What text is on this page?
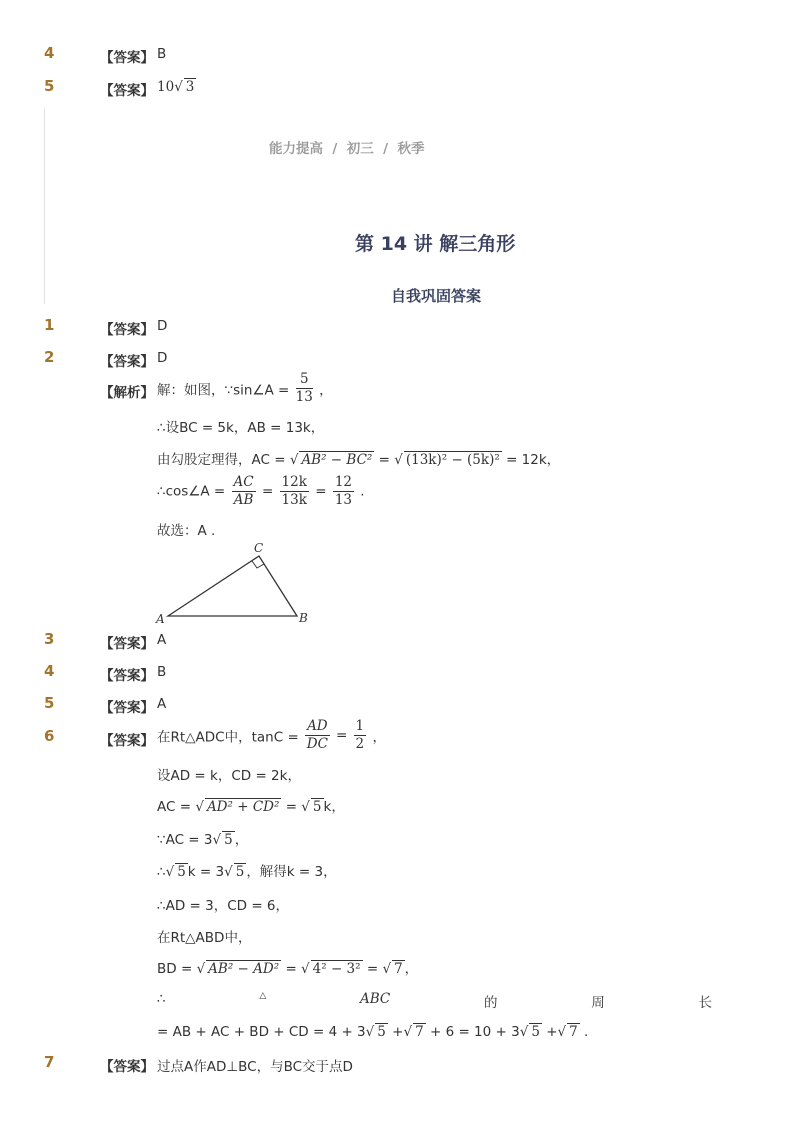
4	【答案】 B
5	【答案】 10√ 3
能力提高 / 初三 / 秋季
第 14 讲 解三角形
自我巩固答案
1	【答案】 D
2	【答案】 D
【解析】 解：如图，∵sin∠A = $\frac{5}{13}$ ，
∴设BC = 5k，AB = 13k，
由勾股定理得，AC = √ AB² − BC² = √ (13k)² − (5k)² = 12k，
∴cos∠A = $\frac{AC}{AB} = \frac{12k}{13k} = \frac{12}{13}$ .
故选：A .
A
C
B
3	【答案】 A
4	【答案】 B
5	【答案】 A
6	【答案】 在Rt△ADC中，$\tan C = \frac{AD}{DC} = \frac{1}{2}$ ，
设AD = k，CD = 2k，
AC = √ AD² + CD² = √ 5 k，
∵AC = 3√ 5 ，
∴√ 5 k = 3√ 5 ，解得k = 3，
∴AD = 3，CD = 6，
在Rt△ABD中，
BD = √ AB² − AD² = √ 4² − 3² = √ 7 ，
∴	△	ABC	的	周	长
= AB + AC + BD + CD = 4 + 3√ 5 +√ 7 + 6 = 10 + 3√ 5 +√ 7 .
7	【答案】 过点A作AD⊥BC，与BC交于点D
